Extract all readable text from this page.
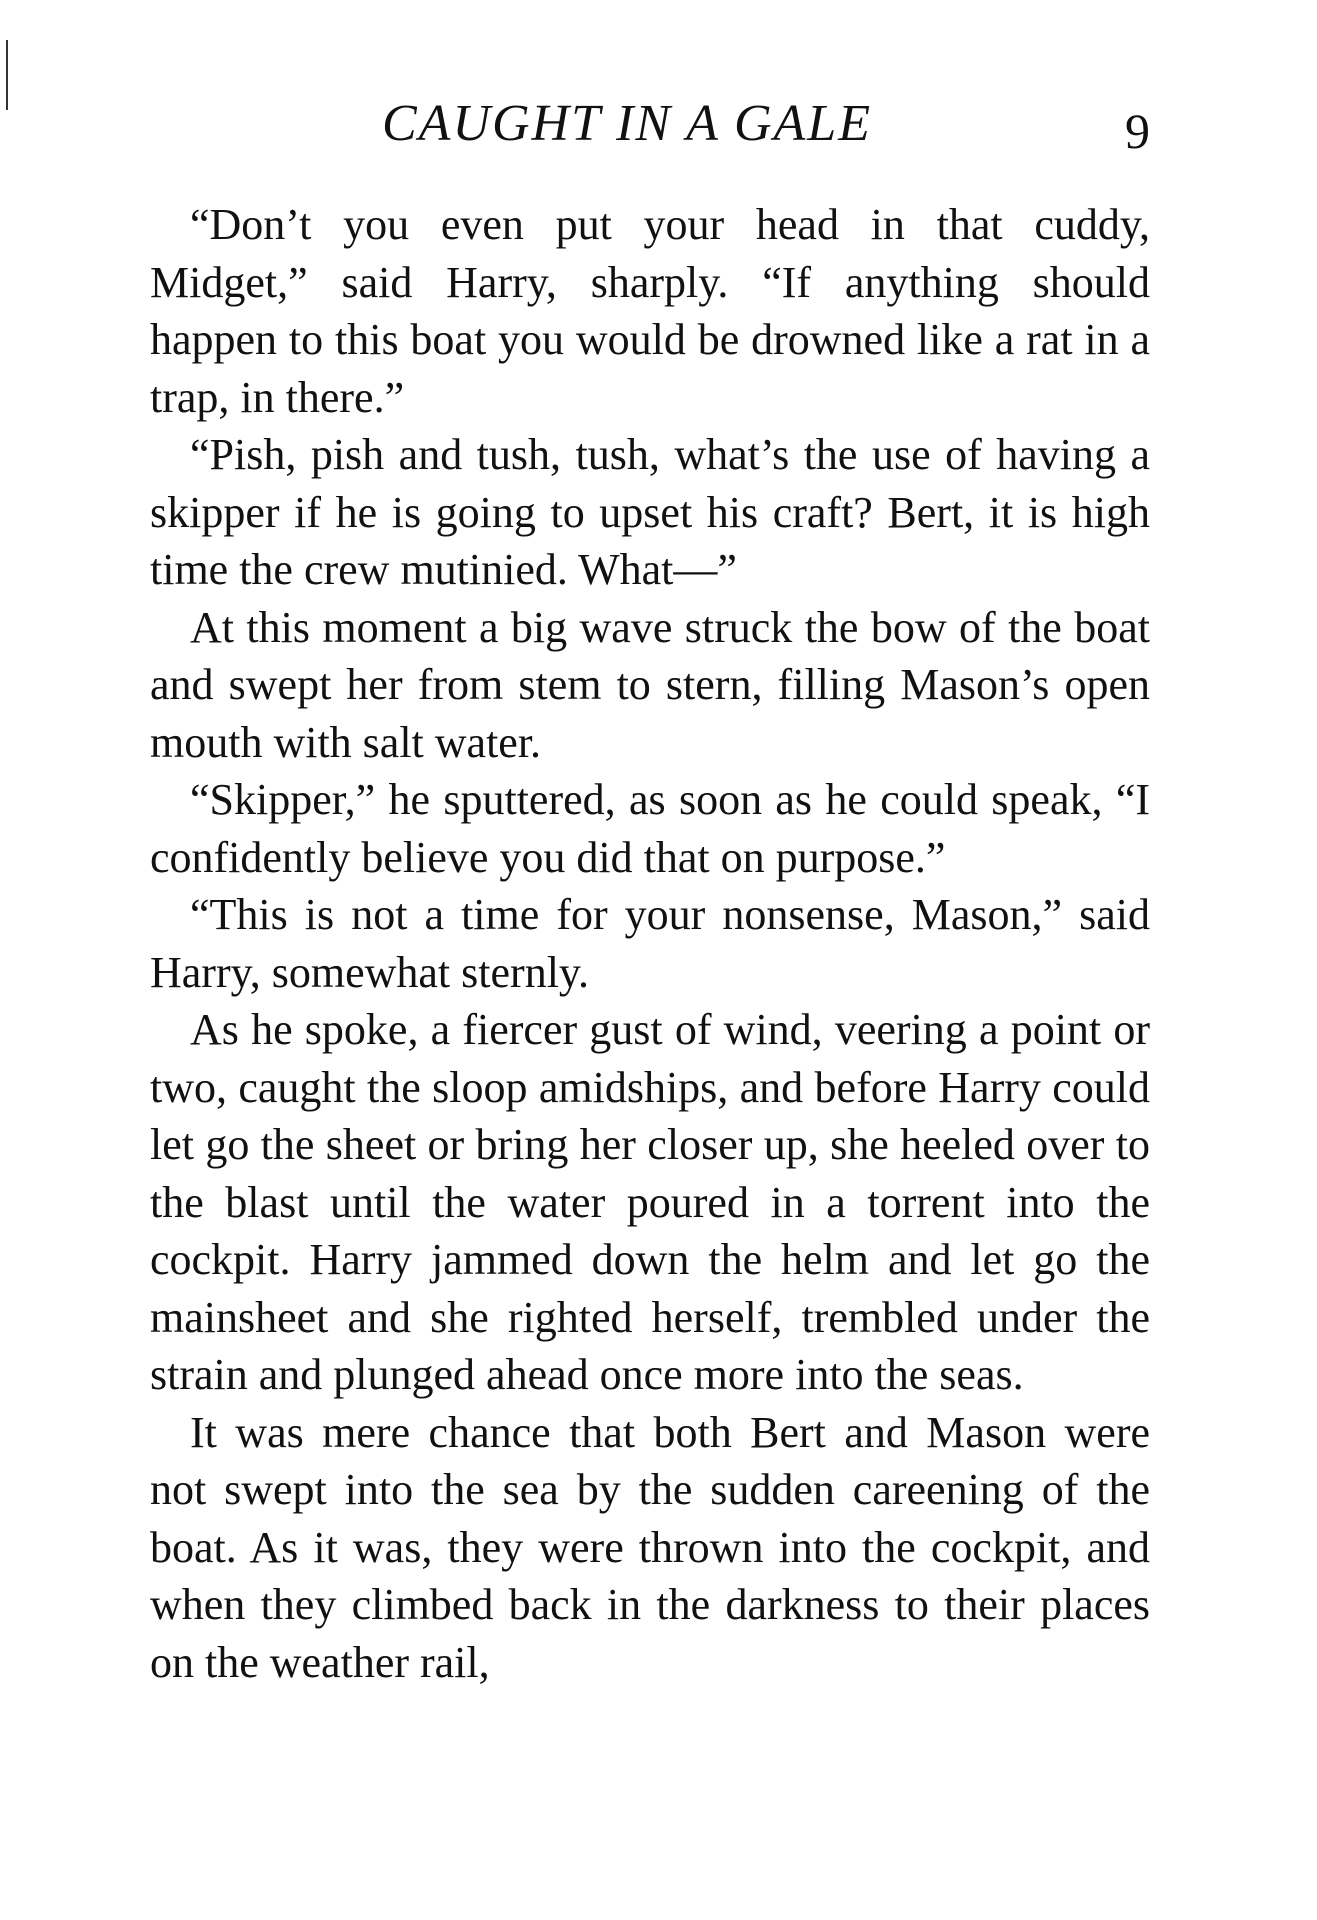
CAUGHT IN A GALE	9

“Don’t you even put your head in that cuddy, Midget,” said Harry, sharply. “If anything should happen to this boat you would be drowned like a rat in a trap, in there.”

“Pish, pish and tush, tush, what’s the use of having a skipper if he is going to upset his craft? Bert, it is high time the crew mutinied. What—”

At this moment a big wave struck the bow of the boat and swept her from stem to stern, filling Mason’s open mouth with salt water.

“Skipper,” he sputtered, as soon as he could speak, “I confidently believe you did that on purpose.”

“This is not a time for your nonsense, Mason,” said Harry, somewhat sternly.

As he spoke, a fiercer gust of wind, veering a point or two, caught the sloop amidships, and before Harry could let go the sheet or bring her closer up, she heeled over to the blast until the water poured in a torrent into the cockpit. Harry jammed down the helm and let go the mainsheet and she righted herself, trembled under the strain and plunged ahead once more into the seas.

It was mere chance that both Bert and Mason were not swept into the sea by the sudden careening of the boat. As it was, they were thrown into the cockpit, and when they climbed back in the darkness to their places on the weather rail,
